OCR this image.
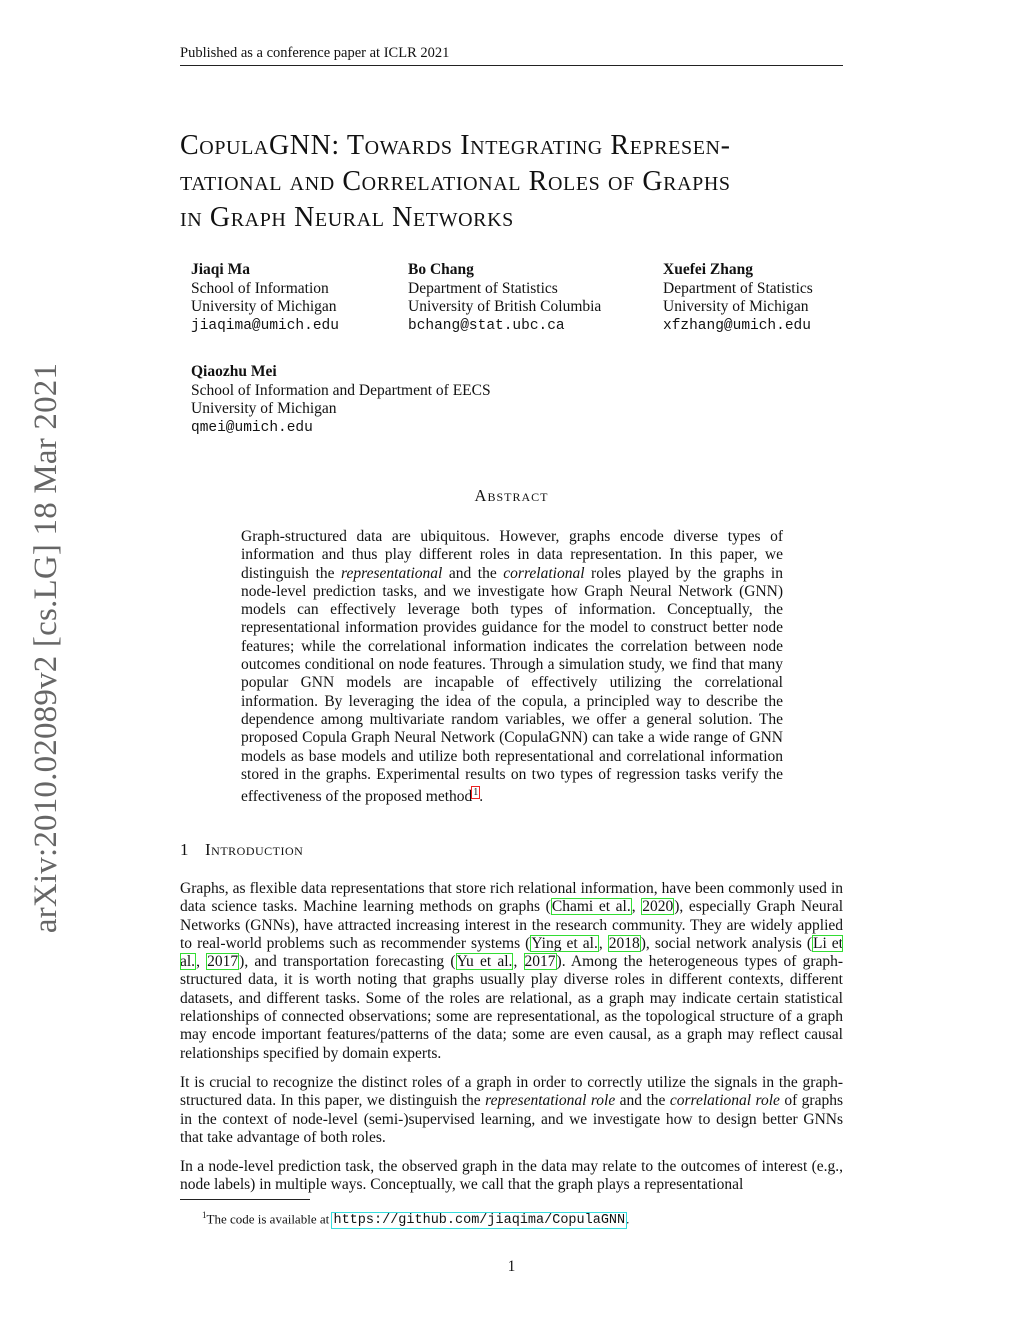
Published as a conference paper at ICLR 2021
arXiv:2010.02089v2 [cs.LG] 18 Mar 2021
CopulaGNN: Towards Integrating Represen-
tational and Correlational Roles of Graphs
in Graph Neural Networks
Jiaqi Ma
School of Information
University of Michigan
jiaqima@umich.edu
Bo Chang
Department of Statistics
University of British Columbia
bchang@stat.ubc.ca
Xuefei Zhang
Department of Statistics
University of Michigan
xfzhang@umich.edu
Qiaozhu Mei
School of Information and Department of EECS
University of Michigan
qmei@umich.edu
Abstract
Graph-structured data are ubiquitous. However, graphs encode diverse types of information and thus play different roles in data representation. In this paper, we distinguish the representational and the correlational roles played by the graphs in node-level prediction tasks, and we investigate how Graph Neural Network (GNN) models can effectively leverage both types of information. Conceptually, the representational information provides guidance for the model to construct better node features; while the correlational information indicates the correlation between node outcomes conditional on node features. Through a simulation study, we find that many popular GNN models are incapable of effectively utilizing the correlational information. By leveraging the idea of the copula, a principled way to describe the dependence among multivariate random variables, we offer a general solution. The proposed Copula Graph Neural Network (CopulaGNN) can take a wide range of GNN models as base models and utilize both representational and correlational information stored in the graphs. Experimental results on two types of regression tasks verify the effectiveness of the proposed method$^1$.
1 Introduction

Graphs, as flexible data representations that store rich relational information, have been commonly used in data science tasks. Machine learning methods on graphs (Chami et al., 2020), especially Graph Neural Networks (GNNs), have attracted increasing interest in the research community. They are widely applied to real-world problems such as recommender systems (Ying et al., 2018), social network analysis (Li et al., 2017), and transportation forecasting (Yu et al., 2017). Among the heterogeneous types of graph-structured data, it is worth noting that graphs usually play diverse roles in different contexts, different datasets, and different tasks. Some of the roles are relational, as a graph may indicate certain statistical relationships of connected observations; some are representational, as the topological structure of a graph may encode important features/patterns of the data; some are even causal, as a graph may reflect causal relationships specified by domain experts.

It is crucial to recognize the distinct roles of a graph in order to correctly utilize the signals in the graph-structured data. In this paper, we distinguish the representational role and the correlational role of graphs in the context of node-level (semi-)supervised learning, and we investigate how to design better GNNs that take advantage of both roles.

In a node-level prediction task, the observed graph in the data may relate to the outcomes of interest (e.g., node labels) in multiple ways. Conceptually, we call that the graph plays a representational

$^1$The code is available at https://github.com/jiaqima/CopulaGNN.
1
